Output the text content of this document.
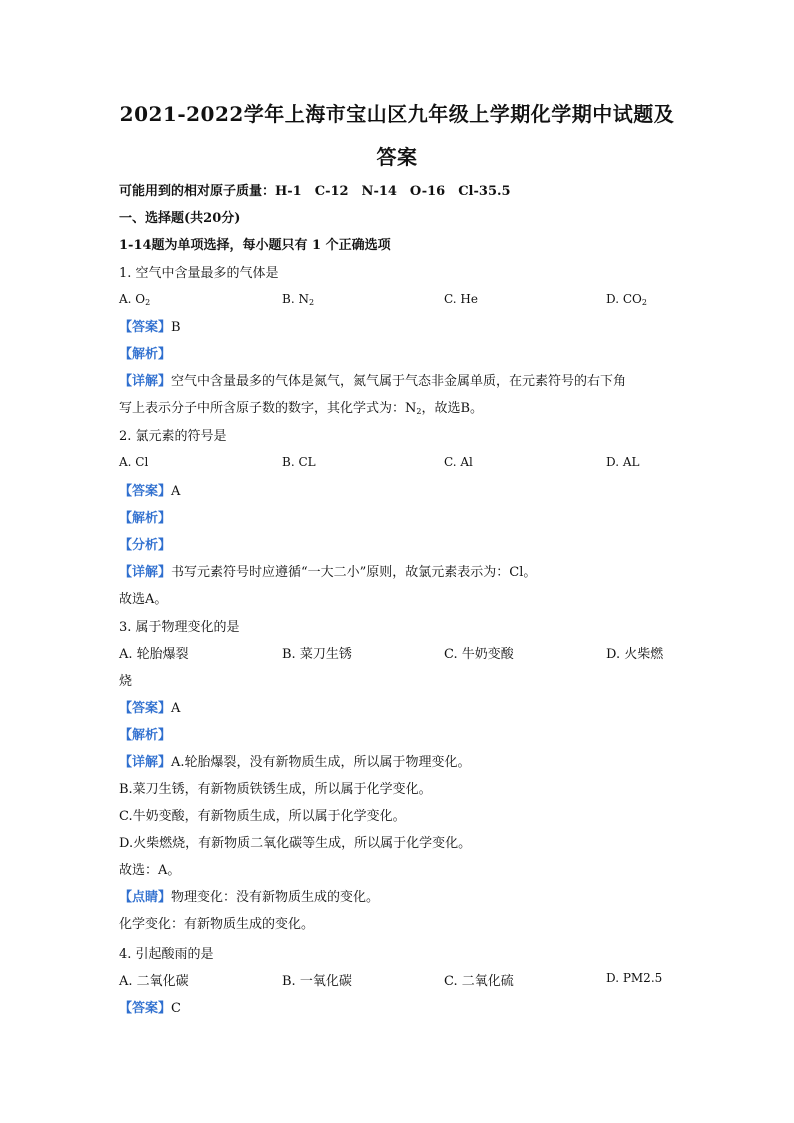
2021-2022学年上海市宝山区九年级上学期化学期中试题及
答案
可能用到的相对原子质量：H-1　C-12　N-14　O-16　Cl-35.5
一、选择题(共20分)
1-14题为单项选择，每小题只有 1 个正确选项
1. 空气中含量最多的气体是
A. $O_2$	B. $N_2$	C. He	D. $CO_2$
【答案】B
【解析】
【详解】空气中含量最多的气体是氮气，氮气属于气态非金属单质，在元素符号的右下角
写上表示分子中所含原子数的数字，其化学式为：$N_2$，故选B。
2. 氯元素的符号是
A. Cl	B. CL	C. Al	D. AL
【答案】A
【解析】
【分析】
【详解】书写元素符号时应遵循“一大二小”原则，故氯元素表示为：Cl。
故选A。
3. 属于物理变化的是
A. 轮胎爆裂	B. 菜刀生锈	C. 牛奶变酸	D. 火柴燃
烧
【答案】A
【解析】
【详解】A.轮胎爆裂，没有新物质生成，所以属于物理变化。
B.菜刀生锈，有新物质铁锈生成，所以属于化学变化。
C.牛奶变酸，有新物质生成，所以属于化学变化。
D.火柴燃烧，有新物质二氧化碳等生成，所以属于化学变化。
故选：A。
【点睛】物理变化：没有新物质生成的变化。
化学变化：有新物质生成的变化。
4. 引起酸雨的是
A. 二氧化碳	B. 一氧化碳	C. 二氧化硫	D. PM2.5
【答案】C
